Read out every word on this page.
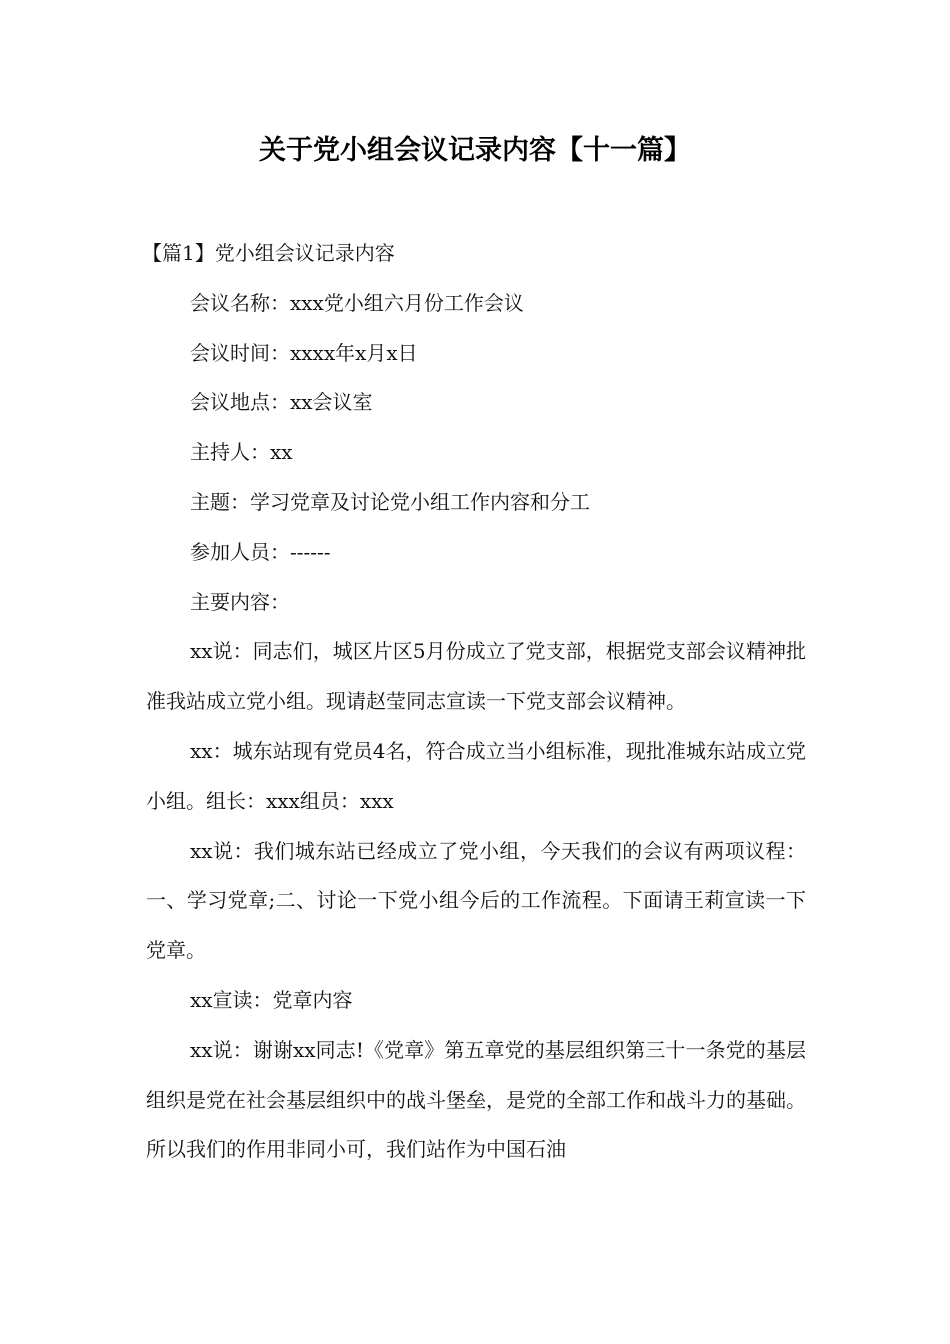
关于党小组会议记录内容【十一篇】

【篇1】党小组会议记录内容

会议名称：xxx党小组六月份工作会议

会议时间：xxxx年x月x日

会议地点：xx会议室

主持人：xx

主题：学习党章及讨论党小组工作内容和分工

参加人员：------

主要内容：

xx说：同志们，城区片区5月份成立了党支部，根据党支部会议精神批准我站成立党小组。现请赵莹同志宣读一下党支部会议精神。

xx：城东站现有党员4名，符合成立当小组标准，现批准城东站成立党小组。组长：xxx组员：xxx

xx说：我们城东站已经成立了党小组，今天我们的会议有两项议程：一、学习党章;二、讨论一下党小组今后的工作流程。下面请王莉宣读一下党章。

xx宣读：党章内容

xx说：谢谢xx同志!《党章》第五章党的基层组织第三十一条党的基层组织是党在社会基层组织中的战斗堡垒，是党的全部工作和战斗力的基础。所以我们的作用非同小可，我们站作为中国石油
